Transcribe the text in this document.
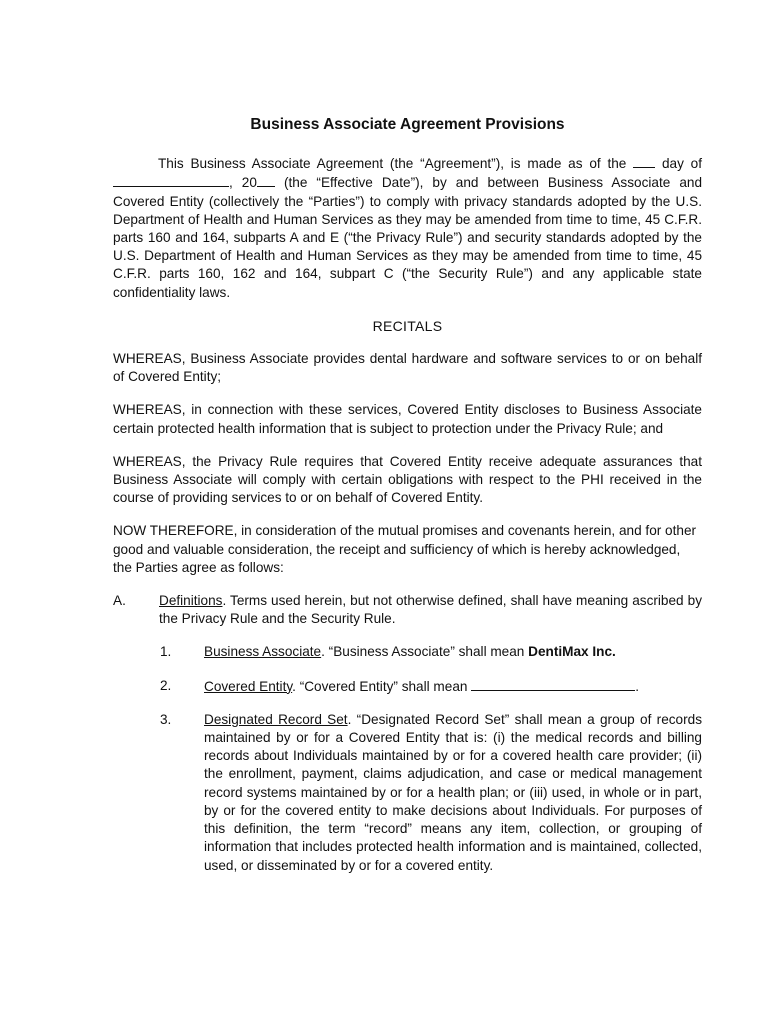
Business Associate Agreement Provisions

This Business Associate Agreement (the “Agreement”), is made as of the	day of , 20 (the “Effective Date”), by and between Business Associate and Covered Entity (collectively the “Parties”) to comply with privacy standards adopted by the U.S. Department of Health and Human Services as they may be amended from time to time, 45 C.F.R. parts 160 and 164, subparts A and E (“the Privacy Rule”) and security standards adopted by the U.S. Department of Health and Human Services as they may be amended from time to time, 45 C.F.R. parts 160, 162 and 164, subpart C (“the Security Rule”) and any applicable state confidentiality laws.

RECITALS

WHEREAS, Business Associate provides dental hardware and software services to or on behalf of Covered Entity;

WHEREAS, in connection with these services, Covered Entity discloses to Business Associate certain protected health information that is subject to protection under the Privacy Rule; and

WHEREAS, the Privacy Rule requires that Covered Entity receive adequate assurances that Business Associate will comply with certain obligations with respect to the PHI received in the course of providing services to or on behalf of Covered Entity.

NOW THEREFORE, in consideration of the mutual promises and covenants herein, and for other good and valuable consideration, the receipt and sufficiency of which is hereby acknowledged, the Parties agree as follows:

A. Definitions. Terms used herein, but not otherwise defined, shall have meaning ascribed by the Privacy Rule and the Security Rule.
1. Business Associate. “Business Associate” shall mean DentiMax Inc.
2. Covered Entity. “Covered Entity” shall mean	.
3. Designated Record Set. “Designated Record Set” shall mean a group of records maintained by or for a Covered Entity that is: (i) the medical records and billing records about Individuals maintained by or for a covered health care provider; (ii) the enrollment, payment, claims adjudication, and case or medical management record systems maintained by or for a health plan; or (iii) used, in whole or in part, by or for the covered entity to make decisions about Individuals. For purposes of this definition, the term “record” means any item, collection, or grouping of information that includes protected health information and is maintained, collected, used, or disseminated by or for a covered entity.
